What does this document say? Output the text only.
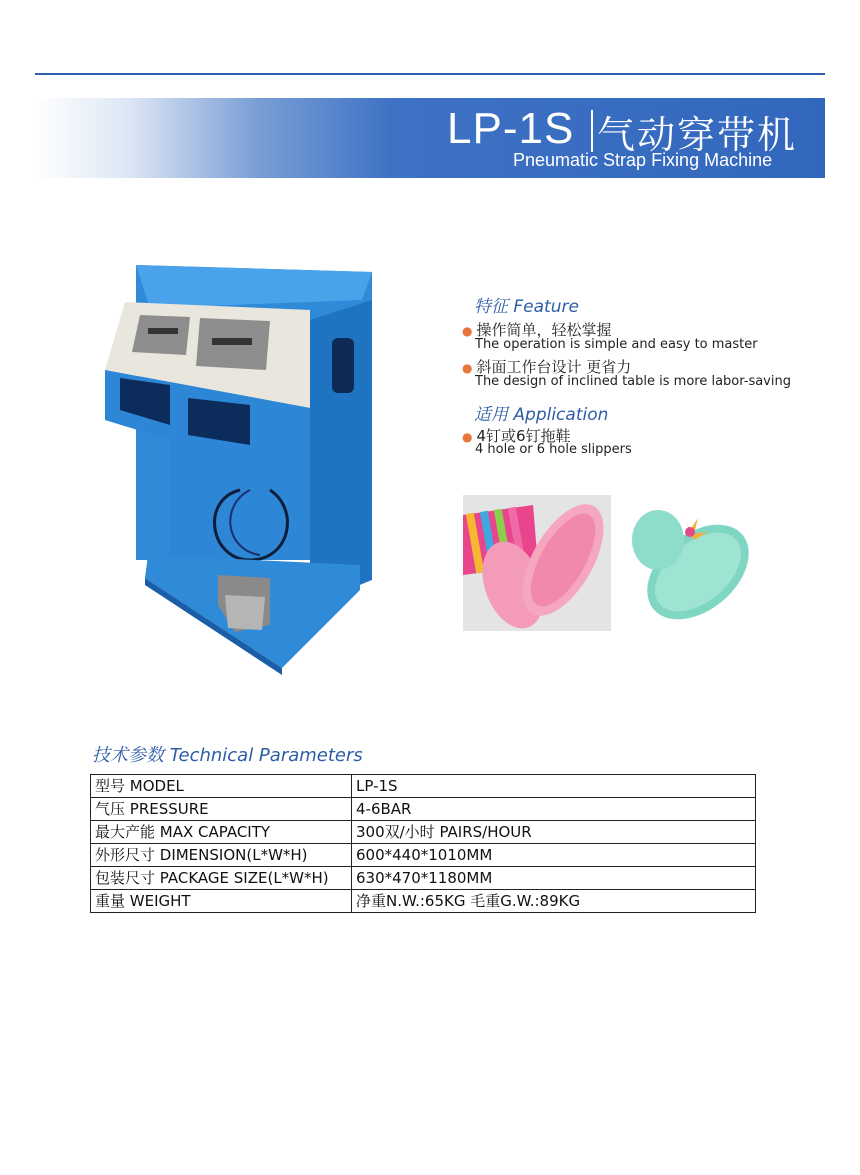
LP-1S 气动穿带机
Pneumatic Strap Fixing Machine
特征 Feature
● 操作简单，轻松掌握
The operation is simple and easy to master
● 斜面工作台设计 更省力
The design of inclined table is more labor-saving
适用 Application
● 4钉或6钉拖鞋
4 hole or 6 hole slippers
技术参数 Technical Parameters
型号 MODEL	LP-1S
气压 PRESSURE	4-6BAR
最大产能 MAX CAPACITY	300双/小时 PAIRS/HOUR
外形尺寸 DIMENSION(L*W*H)	600*440*1010MM
包装尺寸 PACKAGE SIZE(L*W*H)	630*470*1180MM
重量 WEIGHT	净重N.W.:65KG 毛重G.W.:89KG
